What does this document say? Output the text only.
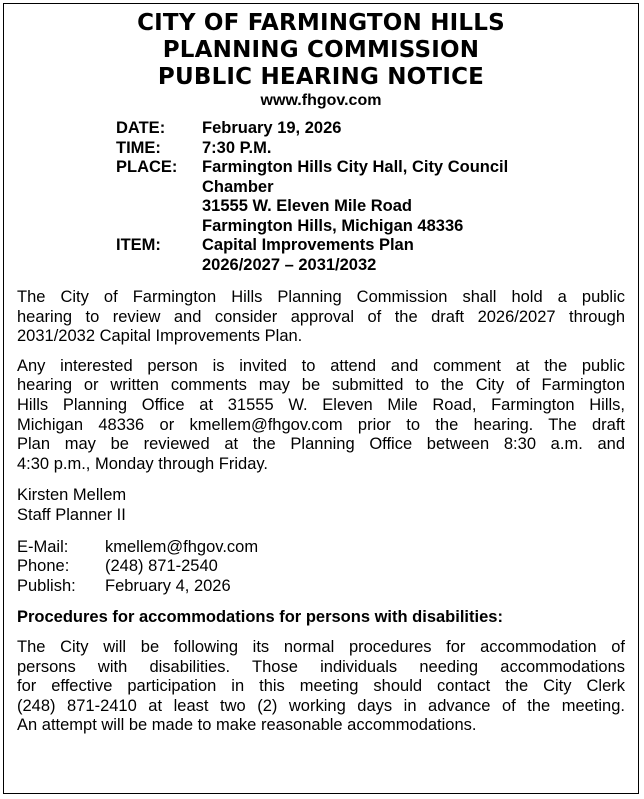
CITY OF FARMINGTON HILLS
PLANNING COMMISSION
PUBLIC HEARING NOTICE
www.fhgov.com
DATE:	February 19, 2026
TIME:	7:30 P.M.
PLACE:	Farmington Hills City Hall, City Council
Chamber
31555 W. Eleven Mile Road
Farmington Hills, Michigan 48336
ITEM:	Capital Improvements Plan
2026/2027 – 2031/2032
The City of Farmington Hills Planning Commission shall hold a public
hearing to review and consider approval of the draft 2026/2027 through
2031/2032 Capital Improvements Plan.
Any interested person is invited to attend and comment at the public
hearing or written comments may be submitted to the City of Farmington
Hills Planning Office at 31555 W. Eleven Mile Road, Farmington Hills,
Michigan 48336 or kmellem@fhgov.com prior to the hearing. The draft
Plan may be reviewed at the Planning Office between 8:30 a.m. and
4:30 p.m., Monday through Friday.
Kirsten Mellem
Staff Planner II
E-Mail:	kmellem@fhgov.com
Phone:	(248) 871-2540
Publish:	February 4, 2026
Procedures for accommodations for persons with disabilities:
The City will be following its normal procedures for accommodation of
persons with disabilities. Those individuals needing accommodations
for effective participation in this meeting should contact the City Clerk
(248) 871-2410 at least two (2) working days in advance of the meeting.
An attempt will be made to make reasonable accommodations.
